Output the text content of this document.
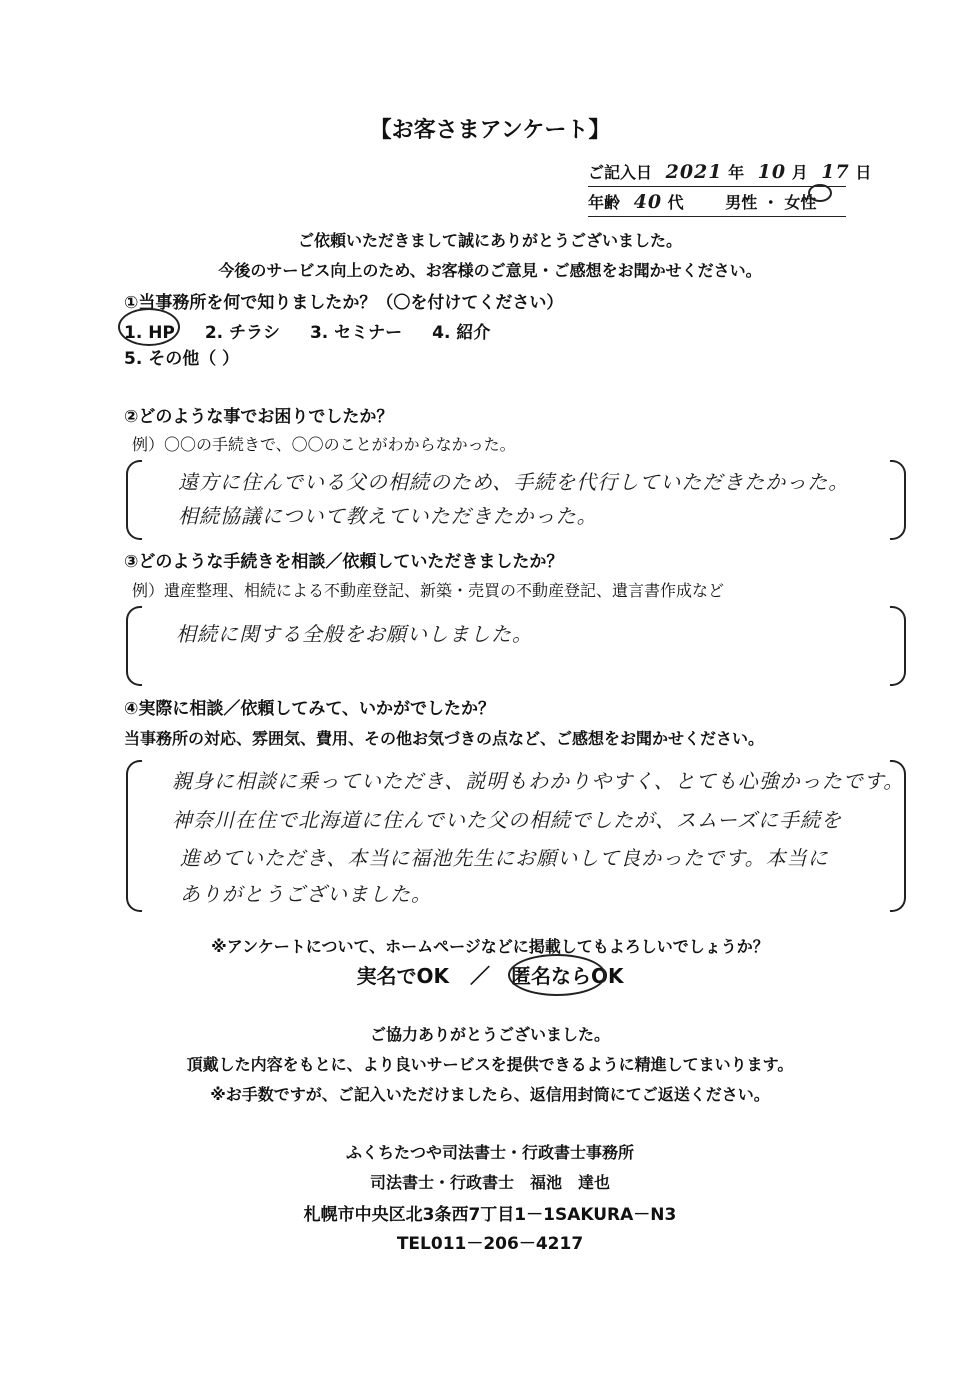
【お客さまアンケート】
ご記入日 2021 年 10 月 17 日
年齢 40 代	男性 ・ 女性
ご依頼いただきまして誠にありがとうございました。
今後のサービス向上のため、お客様のご意見・ご感想をお聞かせください。
①当事務所を何で知りましたか？（〇を付けてください）
1. HP 2. チラシ 3. セミナー 4. 紹介
5. その他（ ）
②どのような事でお困りでしたか？
例）〇〇の手続きで、〇〇のことがわからなかった。
遠方に住んでいる父の相続のため、手続を代行していただきたかった。
相続協議について教えていただきたかった。
③どのような手続きを相談／依頼していただきましたか？
例）遺産整理、相続による不動産登記、新築・売買の不動産登記、遺言書作成など
相続に関する全般をお願いしました。
④実際に相談／依頼してみて、いかがでしたか？
当事務所の対応、雰囲気、費用、その他お気づきの点など、ご感想をお聞かせください。
親身に相談に乗っていただき、説明もわかりやすく、とても心強かったです。
神奈川在住で北海道に住んでいた父の相続でしたが、スムーズに手続を
進めていただき、本当に福池先生にお願いして良かったです。本当に
ありがとうございました。
※アンケートについて、ホームページなどに掲載してもよろしいでしょうか？
実名でOK ／ 匿名ならOK
ご協力ありがとうございました。
頂戴した内容をもとに、より良いサービスを提供できるように精進してまいります。
※お手数ですが、ご記入いただけましたら、返信用封筒にてご返送ください。
ふくちたつや司法書士・行政書士事務所
司法書士・行政書士　福池　達也
札幌市中央区北3条西7丁目1－1SAKURA－N3
TEL011－206－4217
